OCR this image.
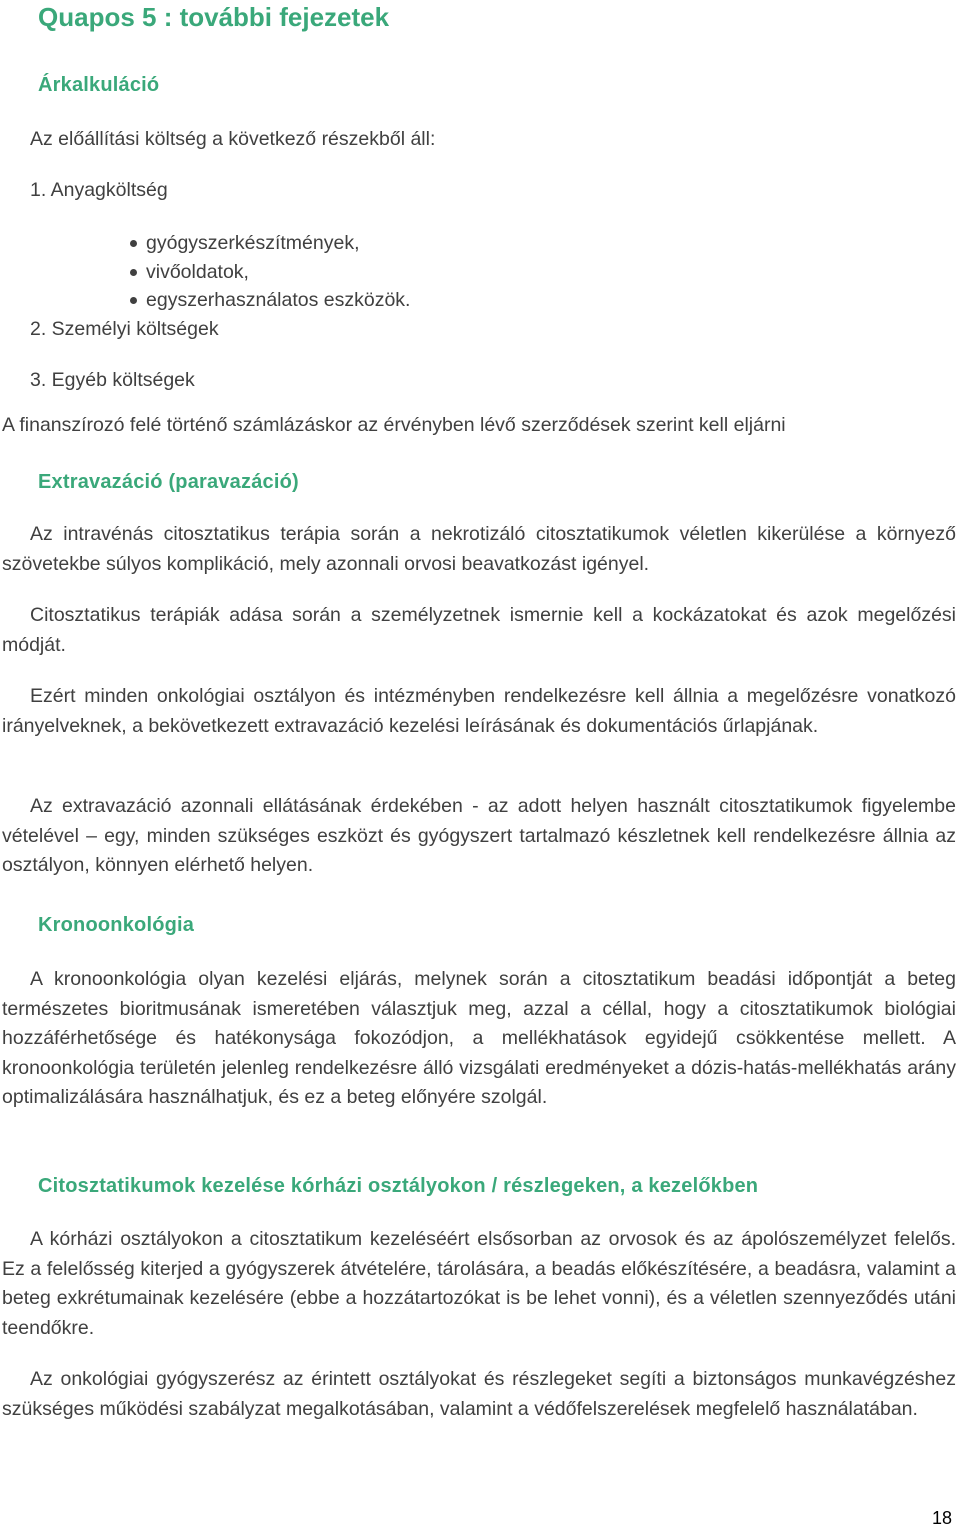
Quapos 5 : további fejezetek
Árkalkuláció

Az előállítási költség a következő részekből áll:

1. Anyagköltség

gyógyszerkészítmények,
vivőoldatok,
egyszerhasználatos eszközök.

2. Személyi költségek

3. Egyéb költségek

A finanszírozó felé történő számlázáskor az érvényben lévő szerződések szerint kell eljárni

Extravazáció (paravazáció)

Az intravénás citosztatikus terápia során a nekrotizáló citosztatikumok véletlen kikerülése a környező szövetekbe súlyos komplikáció, mely azonnali orvosi beavatkozást igényel.

Citosztatikus terápiák adása során a személyzetnek ismernie kell a kockázatokat és azok megelőzési módját.

Ezért minden onkológiai osztályon és intézményben rendelkezésre kell állnia a megelőzésre vonatkozó irányelveknek, a bekövetkezett extravazáció kezelési leírásának és dokumentációs űrlapjának.

Az extravazáció azonnali ellátásának érdekében - az adott helyen használt citosztatikumok figyelembe vételével – egy, minden szükséges eszközt és gyógyszert tartalmazó készletnek kell rendelkezésre állnia az osztályon, könnyen elérhető helyen.

Kronoonkológia

A kronoonkológia olyan kezelési eljárás, melynek során a citosztatikum beadási időpontját a beteg természetes bioritmusának ismeretében választjuk meg, azzal a céllal, hogy a citosztatikumok biológiai hozzáférhetősége és hatékonysága fokozódjon, a mellékhatások egyidejű csökkentése mellett. A kronoonkológia területén jelenleg rendelkezésre álló vizsgálati eredményeket a dózis-hatás-mellékhatás arány optimalizálására használhatjuk, és ez a beteg előnyére szolgál.

Citosztatikumok kezelése kórházi osztályokon / részlegeken, a kezelőkben

A kórházi osztályokon a citosztatikum kezeléséért elsősorban az orvosok és az ápolószemélyzet felelős. Ez a felelősség kiterjed a gyógyszerek átvételére, tárolására, a beadás előkészítésére, a beadásra, valamint a beteg exkrétumainak kezelésére (ebbe a hozzátartozókat is be lehet vonni), és a véletlen szennyeződés utáni teendőkre.

Az onkológiai gyógyszerész az érintett osztályokat és részlegeket segíti a biztonságos munkavégzéshez szükséges működési szabályzat megalkotásában, valamint a védőfelszerelések megfelelő használatában.

18
